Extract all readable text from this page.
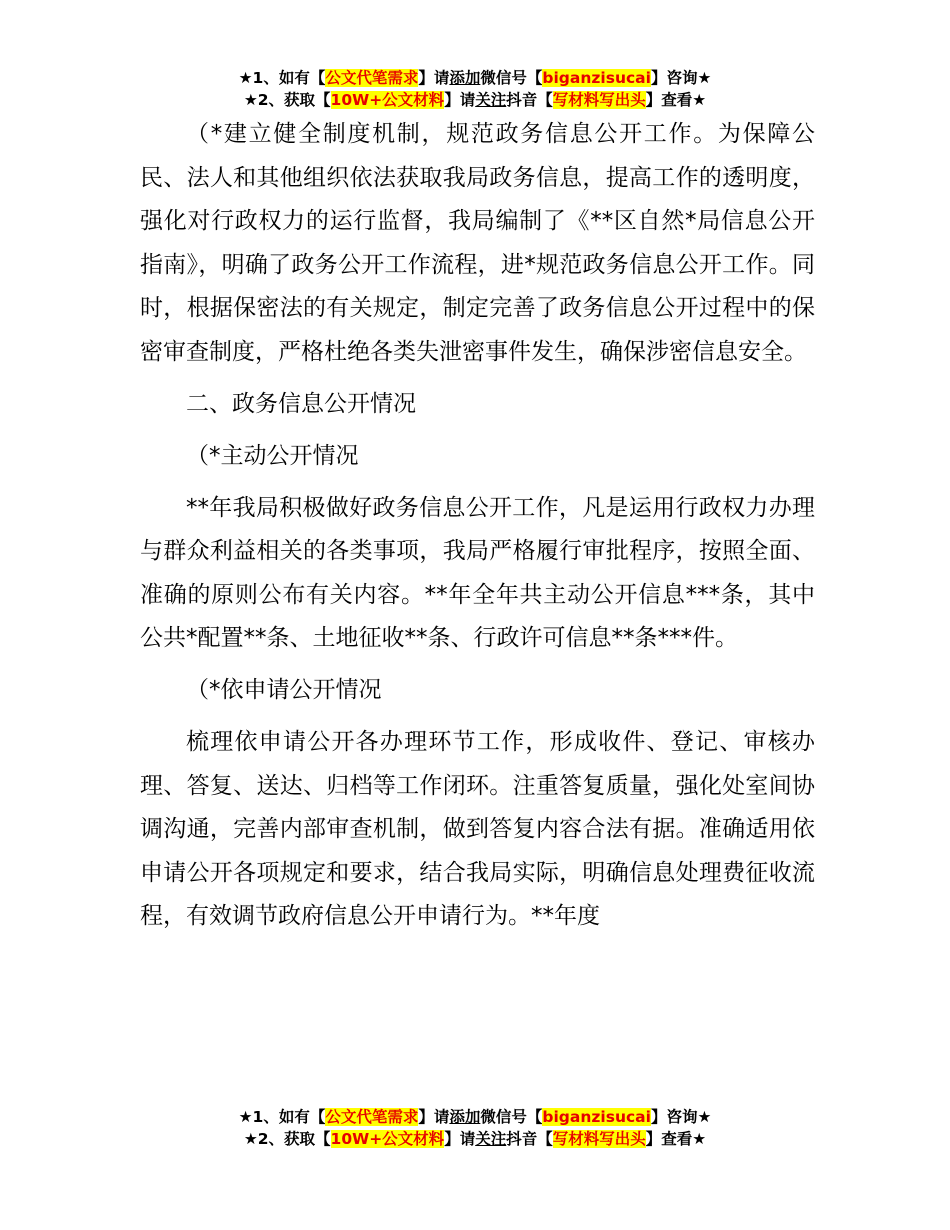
★1、如有【公文代笔需求】请添加微信号【biganzisucai】咨询★
★2、获取【10W+公文材料】请关注抖音【写材料写出头】查看★

（*建立健全制度机制，规范政务信息公开工作。为保障公民、法人和其他组织依法获取我局政务信息，提高工作的透明度，强化对行政权力的运行监督，我局编制了《**区自然*局信息公开指南》，明确了政务公开工作流程，进*规范政务信息公开工作。同时，根据保密法的有关规定，制定完善了政务信息公开过程中的保密审查制度，严格杜绝各类失泄密事件发生，确保涉密信息安全。

二、政务信息公开情况

（*主动公开情况

**年我局积极做好政务信息公开工作，凡是运用行政权力办理与群众利益相关的各类事项，我局严格履行审批程序，按照全面、准确的原则公布有关内容。**年全年共主动公开信息***条，其中公共*配置**条、土地征收**条、行政许可信息**条***件。

（*依申请公开情况

梳理依申请公开各办理环节工作，形成收件、登记、审核办理、答复、送达、归档等工作闭环。注重答复质量，强化处室间协调沟通，完善内部审查机制，做到答复内容合法有据。准确适用依申请公开各项规定和要求，结合我局实际，明确信息处理费征收流程，有效调节政府信息公开申请行为。**年度

★1、如有【公文代笔需求】请添加微信号【biganzisucai】咨询★
★2、获取【10W+公文材料】请关注抖音【写材料写出头】查看★
